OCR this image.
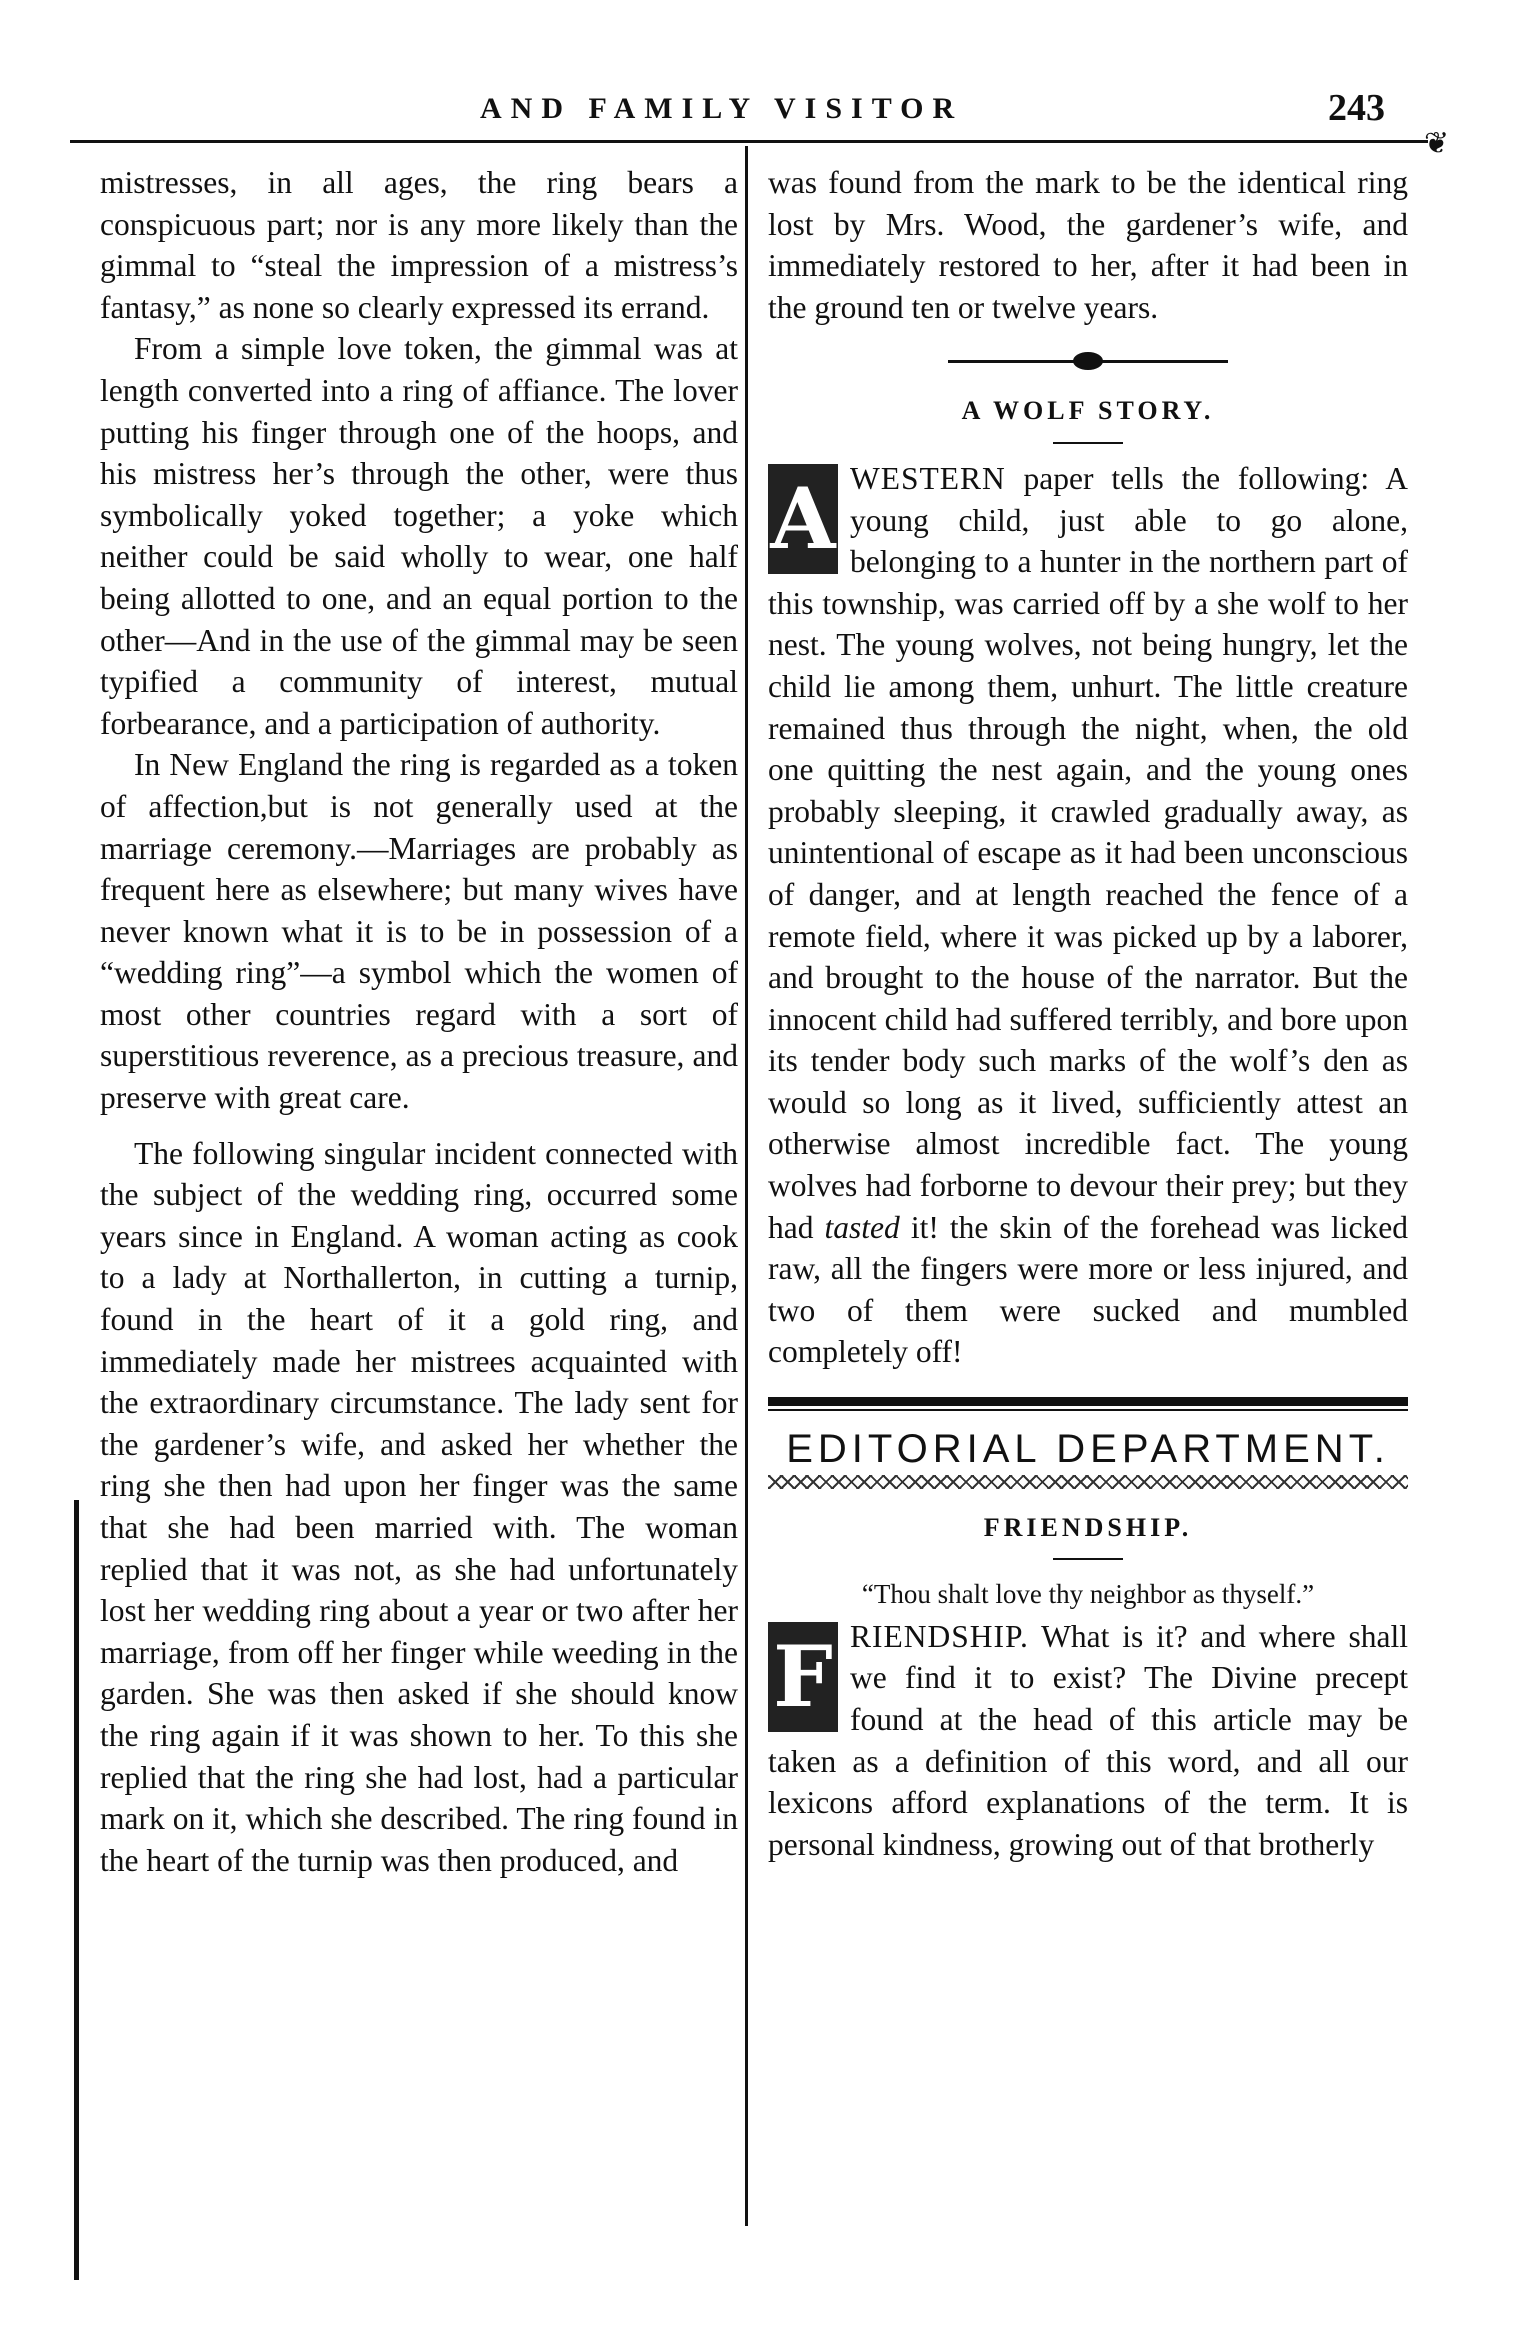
AND FAMILY VISITOR	243
❦

mistresses, in all ages, the ring bears a conspicuous part; nor is any more likely than the gimmal to “steal the impression of a mistress’s fantasy,” as none so clearly expressed its errand.

From a simple love token, the gimmal was at length converted into a ring of affiance. The lover putting his finger through one of the hoops, and his mistress her’s through the other, were thus symbolically yoked together; a yoke which neither could be said wholly to wear, one half being allotted to one, and an equal portion to the other—And in the use of the gimmal may be seen typified a community of interest, mutual forbearance, and a participation of authority.

In New England the ring is regarded as a token of affection,but is not generally used at the marriage ceremony.—Marriages are probably as frequent here as elsewhere; but many wives have never known what it is to be in possession of a “wedding ring”—a symbol which the women of most other countries regard with a sort of superstitious reverence, as a precious treasure, and preserve with great care.

The following singular incident connected with the subject of the wedding ring, occurred some years since in England. A woman acting as cook to a lady at Northallerton, in cutting a turnip, found in the heart of it a gold ring, and immediately made her mistrees acquainted with the extraordinary circumstance. The lady sent for the gardener’s wife, and asked her whether the ring she then had upon her finger was the same that she had been married with. The woman replied that it was not, as she had unfortunately lost her wedding ring about a year or two after her marriage, from off her finger while weeding in the garden. She was then asked if she should know the ring again if it was shown to her. To this she replied that the ring she had lost, had a particular mark on it, which she described. The ring found in the heart of the turnip was then produced, and

was found from the mark to be the identical ring lost by Mrs. Wood, the gardener’s wife, and immediately restored to her, after it had been in the ground ten or twelve years.

A WOLF STORY.

A WESTERN paper tells the following: A young child, just able to go alone, belonging to a hunter in the northern part of this township, was carried off by a she wolf to her nest. The young wolves, not being hungry, let the child lie among them, unhurt. The little creature remained thus through the night, when, the old one quitting the nest again, and the young ones probably sleeping, it crawled gradually away, as unintentional of escape as it had been unconscious of danger, and at length reached the fence of a remote field, where it was picked up by a laborer, and brought to the house of the narrator. But the innocent child had suffered terribly, and bore upon its tender body such marks of the wolf’s den as would so long as it lived, sufficiently attest an otherwise almost incredible fact. The young wolves had forborne to devour their prey; but they had tasted it! the skin of the forehead was licked raw, all the fingers were more or less injured, and two of them were sucked and mumbled completely off!

EDITORIAL DEPARTMENT.
FRIENDSHIP.

“Thou shalt love thy neighbor as thyself.”

F RIENDSHIP. What is it? and where shall we find it to exist? The Divine precept found at the head of this article may be taken as a definition of this word, and all our lexicons afford explanations of the term. It is personal kindness, growing out of that brotherly
